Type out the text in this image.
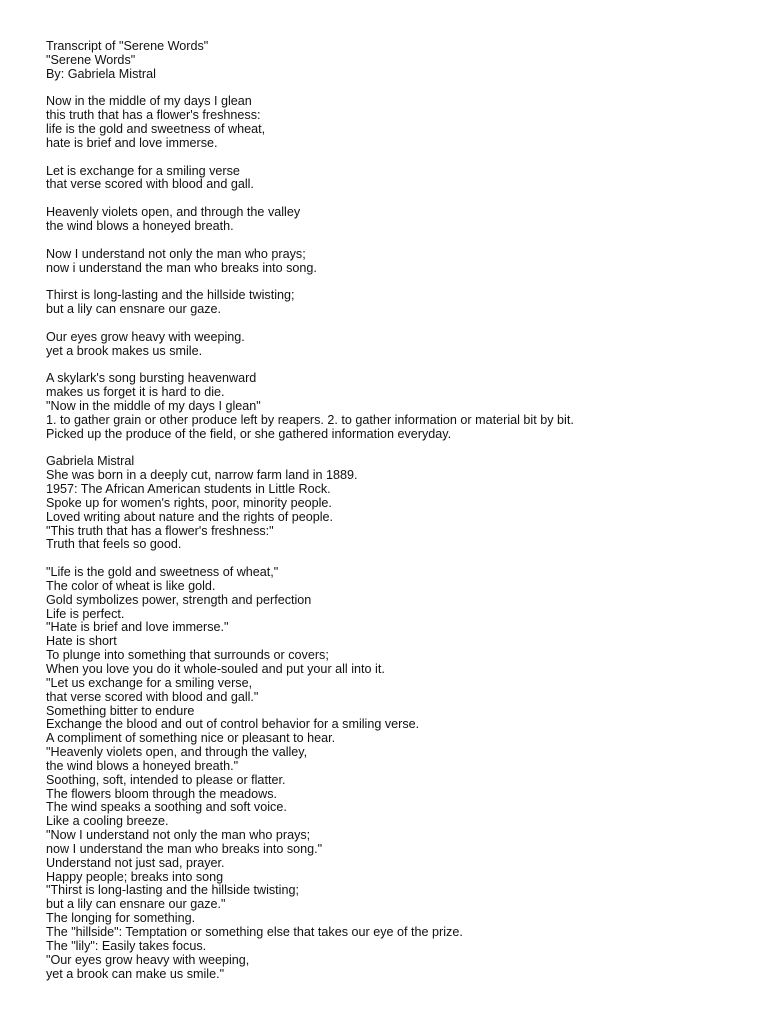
Transcript of "Serene Words"
"Serene Words"
By: Gabriela Mistral
Now in the middle of my days I glean
this truth that has a flower's freshness:
life is the gold and sweetness of wheat,
hate is brief and love immerse.
Let is exchange for a smiling verse
that verse scored with blood and gall.
Heavenly violets open, and through the valley
the wind blows a honeyed breath.
Now I understand not only the man who prays;
now i understand the man who breaks into song.
Thirst is long-lasting and the hillside twisting;
but a lily can ensnare our gaze.
Our eyes grow heavy with weeping.
yet a brook makes us smile.
A skylark's song bursting heavenward
makes us forget it is hard to die.
"Now in the middle of my days I glean"
1. to gather grain or other produce left by reapers. 2. to gather information or material bit by bit.
Picked up the produce of the field, or she gathered information everyday.
Gabriela Mistral
She was born in a deeply cut, narrow farm land in 1889.
1957: The African American students in Little Rock.
Spoke up for women's rights, poor, minority people.
Loved writing about nature and the rights of people.
"This truth that has a flower's freshness:"
Truth that feels so good.
"Life is the gold and sweetness of wheat,"
The color of wheat is like gold.
Gold symbolizes power, strength and perfection
Life is perfect.
"Hate is brief and love immerse."
Hate is short
To plunge into something that surrounds or covers;
When you love you do it whole-souled and put your all into it.
"Let us exchange for a smiling verse,
that verse scored with blood and gall."
Something bitter to endure
Exchange the blood and out of control behavior for a smiling verse.
A compliment of something nice or pleasant to hear.
"Heavenly violets open, and through the valley,
the wind blows a honeyed breath."
Soothing, soft, intended to please or flatter.
The flowers bloom through the meadows.
The wind speaks a soothing and soft voice.
Like a cooling breeze.
"Now I understand not only the man who prays;
now I understand the man who breaks into song."
Understand not just sad, prayer.
Happy people; breaks into song
"Thirst is long-lasting and the hillside twisting;
but a lily can ensnare our gaze."
The longing for something.
The "hillside": Temptation or something else that takes our eye of the prize.
The "lily": Easily takes focus.
"Our eyes grow heavy with weeping,
yet a brook can make us smile."
